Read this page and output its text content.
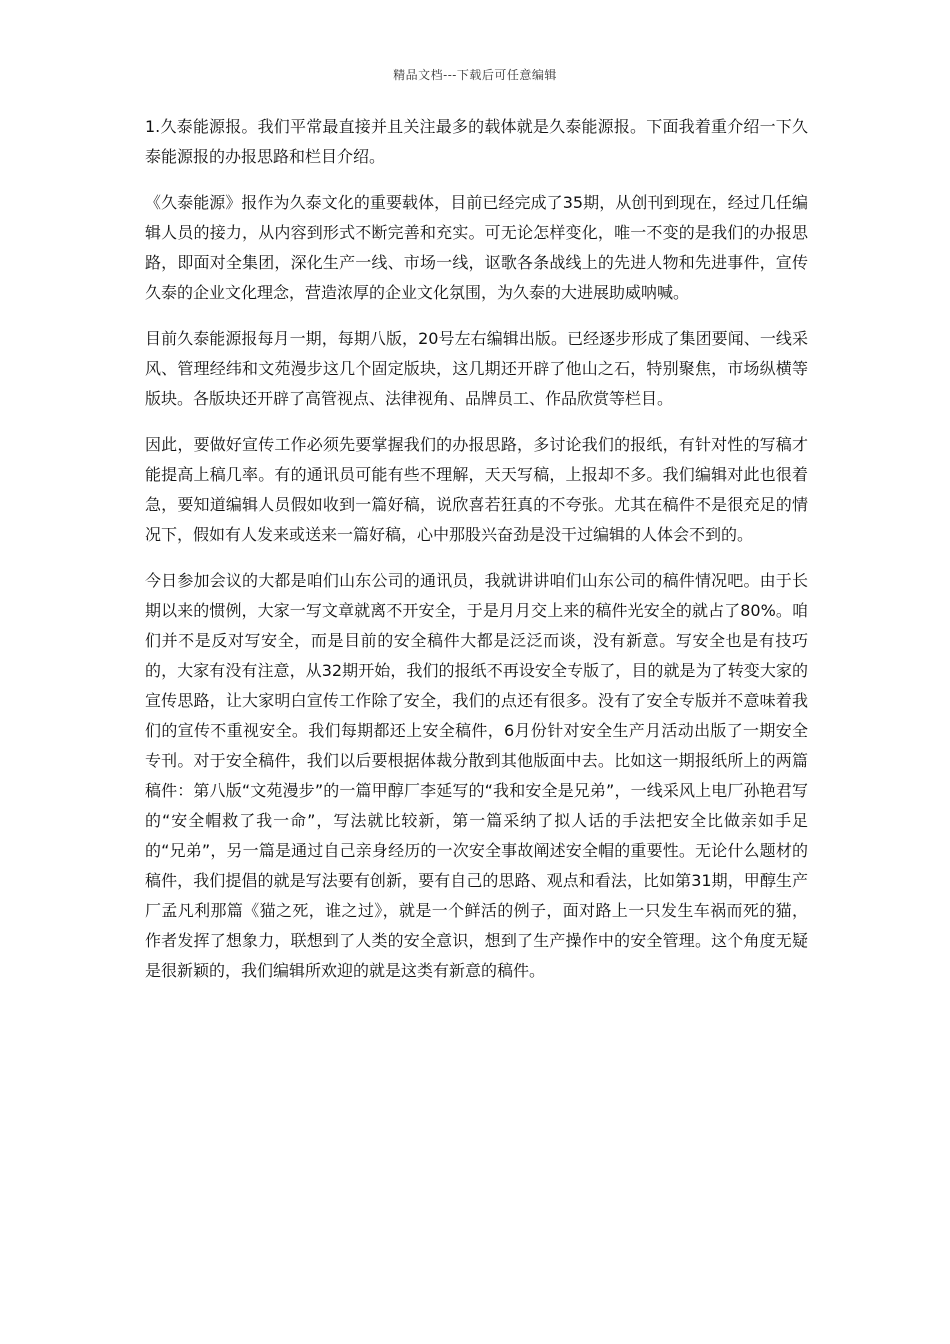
精品文档---下载后可任意编辑

1.久泰能源报。我们平常最直接并且关注最多的载体就是久泰能源报。下面我着重介绍一下久泰能源报的办报思路和栏目介绍。

《久泰能源》报作为久泰文化的重要载体，目前已经完成了35期，从创刊到现在，经过几任编辑人员的接力，从内容到形式不断完善和充实。可无论怎样变化，唯一不变的是我们的办报思路，即面对全集团，深化生产一线、市场一线，讴歌各条战线上的先进人物和先进事件，宣传久泰的企业文化理念，营造浓厚的企业文化氛围，为久泰的大进展助威呐喊。

目前久泰能源报每月一期，每期八版，20号左右编辑出版。已经逐步形成了集团要闻、一线采风、管理经纬和文苑漫步这几个固定版块，这几期还开辟了他山之石，特别聚焦，市场纵横等版块。各版块还开辟了高管视点、法律视角、品牌员工、作品欣赏等栏目。

因此，要做好宣传工作必须先要掌握我们的办报思路，多讨论我们的报纸，有针对性的写稿才能提高上稿几率。有的通讯员可能有些不理解，天天写稿，上报却不多。我们编辑对此也很着急，要知道编辑人员假如收到一篇好稿，说欣喜若狂真的不夸张。尤其在稿件不是很充足的情况下，假如有人发来或送来一篇好稿，心中那股兴奋劲是没干过编辑的人体会不到的。

今日参加会议的大都是咱们山东公司的通讯员，我就讲讲咱们山东公司的稿件情况吧。由于长期以来的惯例，大家一写文章就离不开安全，于是月月交上来的稿件光安全的就占了80%。咱们并不是反对写安全，而是目前的安全稿件大都是泛泛而谈，没有新意。写安全也是有技巧的，大家有没有注意，从32期开始，我们的报纸不再设安全专版了，目的就是为了转变大家的宣传思路，让大家明白宣传工作除了安全，我们的点还有很多。没有了安全专版并不意味着我们的宣传不重视安全。我们每期都还上安全稿件，6月份针对安全生产月活动出版了一期安全专刊。对于安全稿件，我们以后要根据体裁分散到其他版面中去。比如这一期报纸所上的两篇稿件：第八版“文苑漫步”的一篇甲醇厂李延写的“我和安全是兄弟”，一线采风上电厂孙艳君写的“安全帽救了我一命”，写法就比较新，第一篇采纳了拟人话的手法把安全比做亲如手足的“兄弟”，另一篇是通过自己亲身经历的一次安全事故阐述安全帽的重要性。无论什么题材的稿件，我们提倡的就是写法要有创新，要有自己的思路、观点和看法，比如第31期，甲醇生产厂孟凡利那篇《猫之死，谁之过》，就是一个鲜活的例子，面对路上一只发生车祸而死的猫，作者发挥了想象力，联想到了人类的安全意识，想到了生产操作中的安全管理。这个角度无疑是很新颖的，我们编辑所欢迎的就是这类有新意的稿件。
